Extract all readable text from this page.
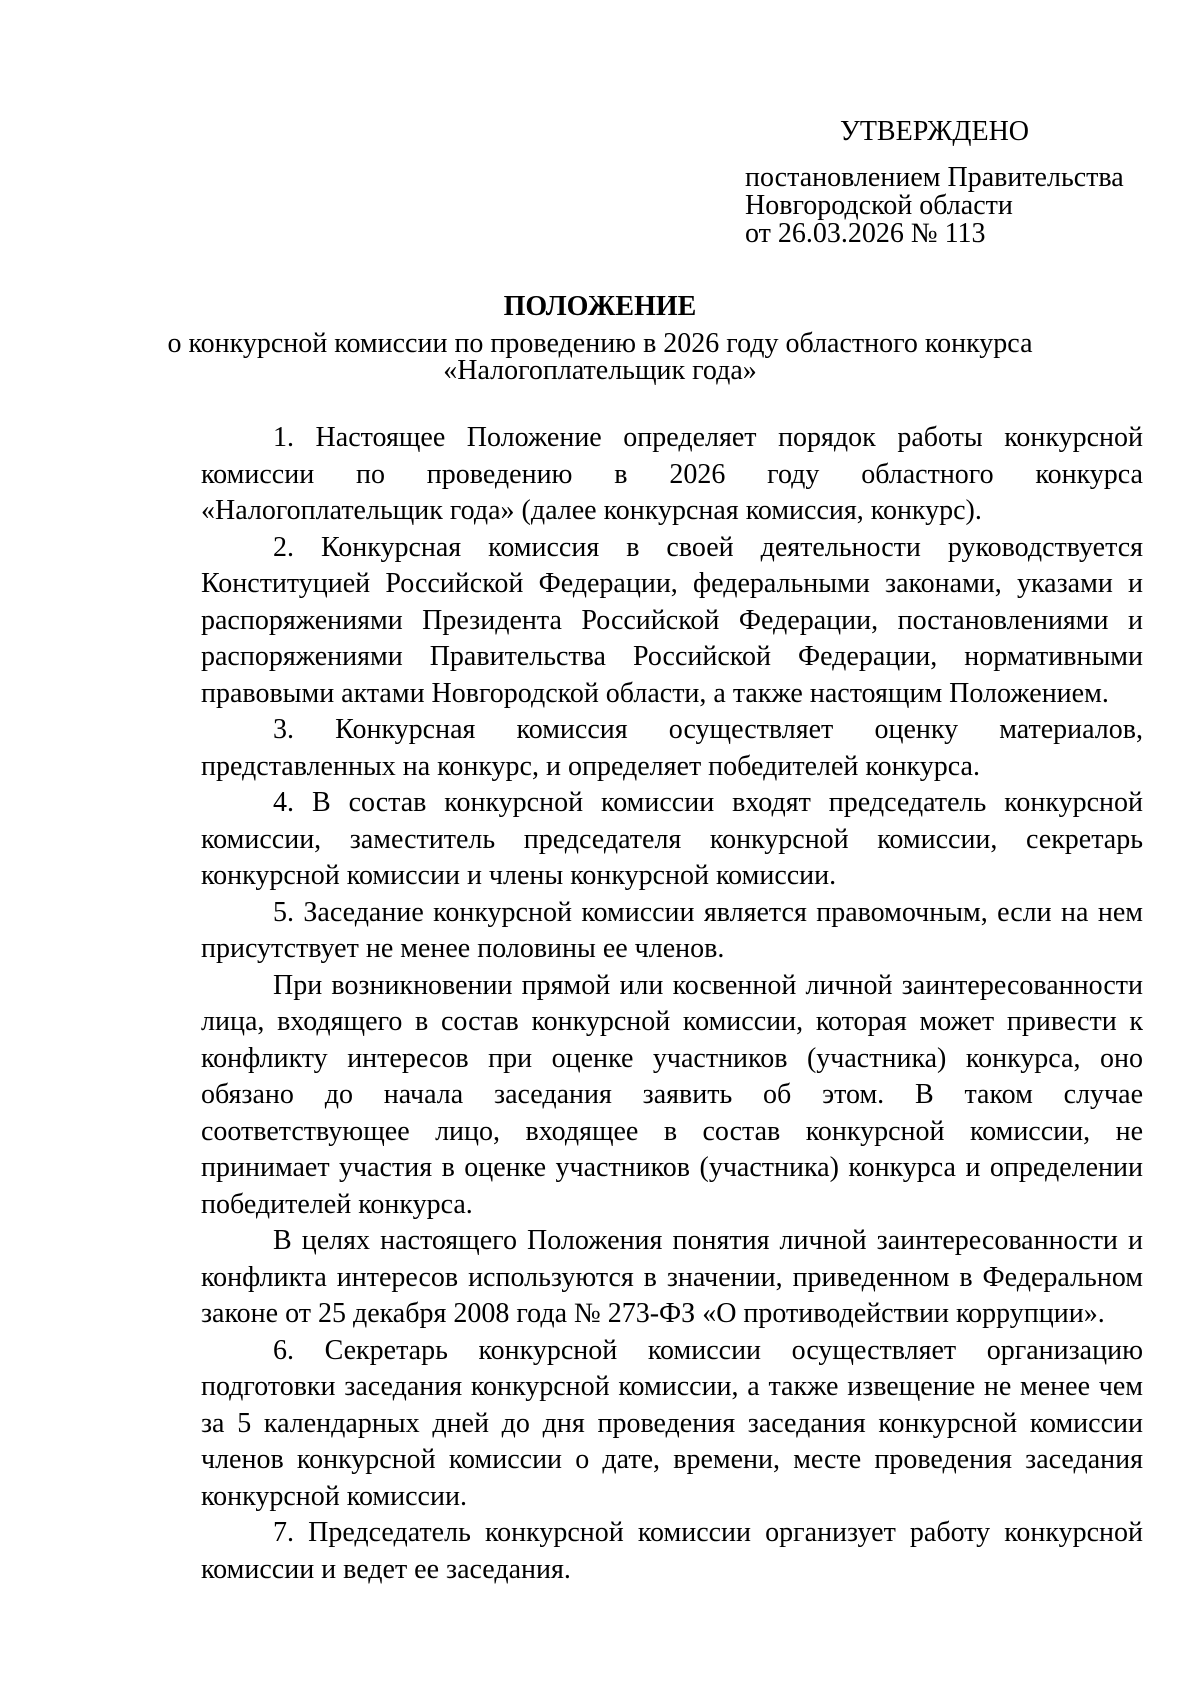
УТВЕРЖДЕНО
постановлением Правительства
Новгородской области
от 26.03.2026 № 113
ПОЛОЖЕНИЕ
о конкурсной комиссии по проведению в 2026 году областного конкурса
«Налогоплательщик года»

1. Настоящее Положение определяет порядок работы конкурсной комиссии по проведению в 2026 году областного конкурса «Налогоплательщик года» (далее конкурсная комиссия, конкурс).

2. Конкурсная комиссия в своей деятельности руководствуется Конституцией Российской Федерации, федеральными законами, указами и распоряжениями Президента Российской Федерации, постановлениями и распоряжениями Правительства Российской Федерации, нормативными правовыми актами Новгородской области, а также настоящим Положением.

3. Конкурсная комиссия осуществляет оценку материалов, представленных на конкурс, и определяет победителей конкурса.

4. В состав конкурсной комиссии входят председатель конкурсной комиссии, заместитель председателя конкурсной комиссии, секретарь конкурсной комиссии и члены конкурсной комиссии.

5. Заседание конкурсной комиссии является правомочным, если на нем присутствует не менее половины ее членов.

При возникновении прямой или косвенной личной заинтересованности лица, входящего в состав конкурсной комиссии, которая может привести к конфликту интересов при оценке участников (участника) конкурса, оно обязано до начала заседания заявить об этом. В таком случае соответствующее лицо, входящее в состав конкурсной комиссии, не принимает участия в оценке участников (участника) конкурса и определении победителей конкурса.

В целях настоящего Положения понятия личной заинтересованности и конфликта интересов используются в значении, приведенном в Федеральном законе от 25 декабря 2008 года № 273-ФЗ «О противодействии коррупции».

6. Секретарь конкурсной комиссии осуществляет организацию подготовки заседания конкурсной комиссии, а также извещение не менее чем за 5 календарных дней до дня проведения заседания конкурсной комиссии членов конкурсной комиссии о дате, времени, месте проведения заседания конкурсной комиссии.

7. Председатель конкурсной комиссии организует работу конкурсной комиссии и ведет ее заседания.
